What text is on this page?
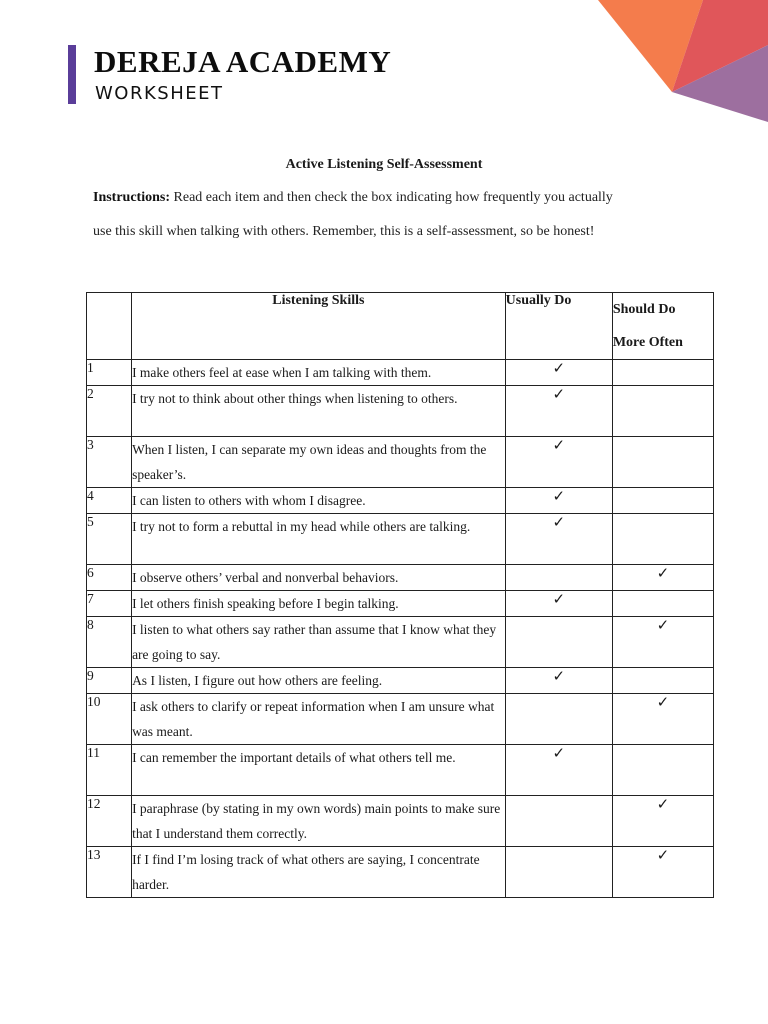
DEREJA ACADEMY
WORKSHEET
Active Listening Self-Assessment
Instructions: Read each item and then check the box indicating how frequently you actually
use this skill when talking with others. Remember, this is a self-assessment, so be honest!
	Listening Skills	Usually Do	Should Do
More Often

1	I make others feel at ease when I am talking with them.	✓	
2	I try not to think about other things when listening to others.	✓	
3	When I listen, I can separate my own ideas and thoughts from the speaker’s.	✓	
4	I can listen to others with whom I disagree.	✓	
5	I try not to form a rebuttal in my head while others are talking.	✓	
6	I observe others’ verbal and nonverbal behaviors.		✓
7	I let others finish speaking before I begin talking.	✓	
8	I listen to what others say rather than assume that I know what they are going to say.		✓
9	As I listen, I figure out how others are feeling.	✓	
10	I ask others to clarify or repeat information when I am unsure what was meant.		✓
11	I can remember the important details of what others tell me.	✓	
12	I paraphrase (by stating in my own words) main points to make sure that I understand them correctly.		✓
13	If I find I’m losing track of what others are saying, I concentrate harder.		✓
